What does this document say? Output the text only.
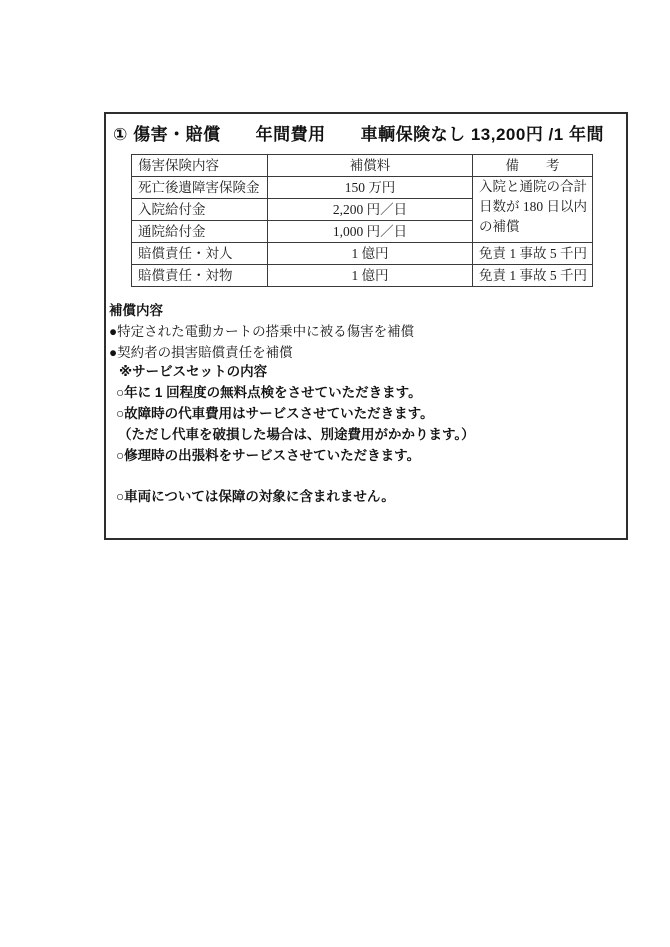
① 傷害・賠償　　年間費用　　車輌保険なし 13,200円 /1 年間
傷害保険内容	補償料	備　　考
死亡後遺障害保険金	150 万円	入院と通院の合計
日数が 180 日以内
の補償
入院給付金	2,200 円／日	
通院給付金	1,000 円／日	
賠償責任・対人	1 億円	免責 1 事故 5 千円
賠償責任・対物	1 億円	免責 1 事故 5 千円
補償内容
●特定された電動カートの搭乗中に被る傷害を補償
●契約者の損害賠償責任を補償
※サービスセットの内容
○年に 1 回程度の無料点検をさせていただきます。
○故障時の代車費用はサービスさせていただきます。
（ただし代車を破損した場合は、別途費用がかかります。）
○修理時の出張料をサービスさせていただきます。
○車両については保障の対象に含まれません。
